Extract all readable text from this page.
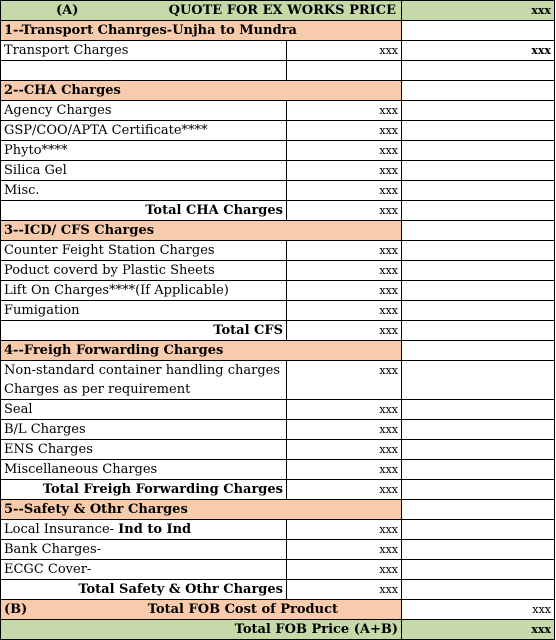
(A) QUOTE FOR EX WORKS PRICE		xxx
1--Transport Chanrges-Unjha to Mundra		
Transport Charges	xxx	xxx

2--CHA Charges		
Agency Charges	xxx	
GSP/COO/APTA Certificate****	xxx	
Phyto****	xxx	
Silica Gel	xxx	
Misc.	xxx	
Total CHA Charges	xxx	
3--ICD/ CFS Charges		
Counter Feight Station Charges	xxx	
Poduct coverd by Plastic Sheets	xxx	
Lift On Charges****(If Applicable)	xxx	
Fumigation	xxx	
Total CFS	xxx	
4--Freigh Forwarding Charges		

Non-standard container handling charges
Charges as per requirement	xxx	
Seal	xxx	
B/L Charges	xxx	
ENS Charges	xxx	
Miscellaneous Charges	xxx	
Total Freigh Forwarding Charges	xxx	
5--Safety & Othr Charges		
Local Insurance- Ind to Ind	xxx	
Bank Charges-	xxx	
ECGC Cover-	xxx	
Total Safety & Othr Charges	xxx	

(B) Total FOB Cost of Product		xxx
Total FOB Price (A+B)		xxx
